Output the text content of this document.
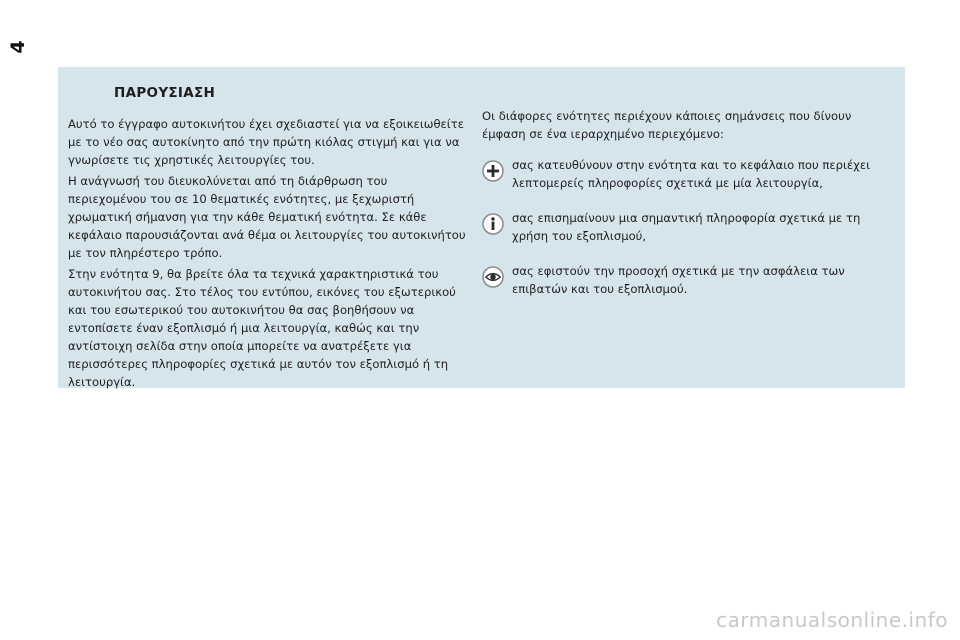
4
ΠΑΡΟΥΣΙΑΣΗ

Αυτό το έγγραφο αυτοκινήτου έχει σχεδιαστεί για να εξοικειωθείτε με το νέο σας αυτοκίνητο από την πρώτη κιόλας στιγμή και για να γνωρίσετε τις χρηστικές λειτουργίες του.

Η ανάγνωσή του διευκολύνεται από τη διάρθρωση του περιεχομένου του σε 10 θεματικές ενότητες, με ξεχωριστή χρωματική σήμανση για την κάθε θεματική ενότητα. Σε κάθε κεφάλαιο παρουσιάζονται ανά θέμα οι λειτουργίες του αυτοκινήτου με τον πληρέστερο τρόπο.

Στην ενότητα 9, θα βρείτε όλα τα τεχνικά χαρακτηριστικά του αυτοκινήτου σας. Στο τέλος του εντύπου, εικόνες του εξωτερικού και του εσωτερικού του αυτοκινήτου θα σας βοηθήσουν να εντοπίσετε έναν εξοπλισμό ή μια λειτουργία, καθώς και την αντίστοιχη σελίδα στην οποία μπορείτε να ανατρέξετε για περισσότερες πληροφορίες σχετικά με αυτόν τον εξοπλισμό ή τη λειτουργία.

Οι διάφορες ενότητες περιέχουν κάποιες σημάνσεις που δίνουν έμφαση σε ένα ιεραρχημένο περιεχόμενο:

σας κατευθύνουν στην ενότητα και το κεφάλαιο που περιέχει λεπτομερείς πληροφορίες σχετικά με μία λειτουργία,
σας επισημαίνουν μια σημαντική πληροφορία σχετικά με τη χρήση του εξοπλισμού,
σας εφιστούν την προσοχή σχετικά με την ασφάλεια των επιβατών και του εξοπλισμού.
carmanualsonline.info
